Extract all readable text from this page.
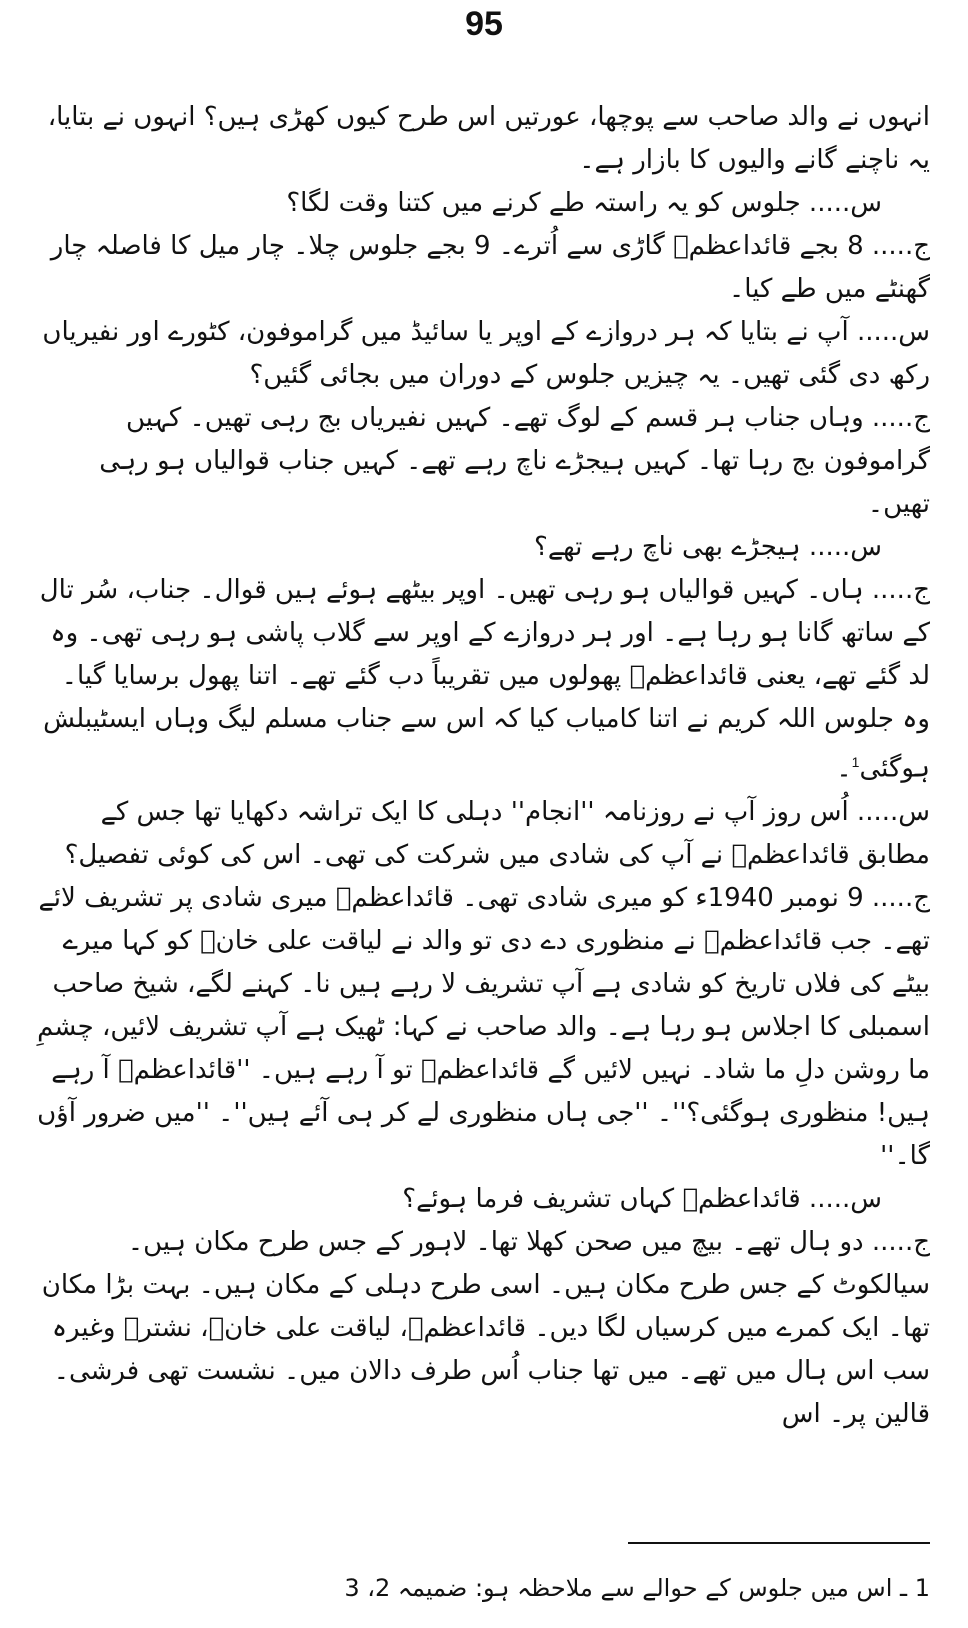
95

انہوں نے والد صاحب سے پوچھا، عورتیں اس طرح کیوں کھڑی ہیں؟ انہوں نے بتایا، یہ ناچنے گانے والیوں کا بازار ہے۔

س..... جلوس کو یہ راستہ طے کرنے میں کتنا وقت لگا؟

ج..... 8 بجے قائداعظمؒ گاڑی سے اُترے۔ 9 بجے جلوس چلا۔ چار میل کا فاصلہ چار گھنٹے میں طے کیا۔

س..... آپ نے بتایا کہ ہر دروازے کے اوپر یا سائیڈ میں گراموفون، کٹورے اور نفیریاں رکھ دی گئی تھیں۔ یہ چیزیں جلوس کے دوران میں بجائی گئیں؟

ج..... وہاں جناب ہر قسم کے لوگ تھے۔ کہیں نفیریاں بج رہی تھیں۔ کہیں گراموفون بج رہا تھا۔ کہیں ہیجڑے ناچ رہے تھے۔ کہیں جناب قوالیاں ہو رہی تھیں۔

س..... ہیجڑے بھی ناچ رہے تھے؟

ج..... ہاں۔ کہیں قوالیاں ہو رہی تھیں۔ اوپر بیٹھے ہوئے ہیں قوال۔ جناب، سُر تال کے ساتھ گانا ہو رہا ہے۔ اور ہر دروازے کے اوپر سے گلاب پاشی ہو رہی تھی۔ وہ لد گئے تھے، یعنی قائداعظمؒ پھولوں میں تقریباً دب گئے تھے۔ اتنا پھول برسایا گیا۔ وہ جلوس اللہ کریم نے اتنا کامیاب کیا کہ اس سے جناب مسلم لیگ وہاں ایسٹیبلش ہوگئی$^1$۔

س..... اُس روز آپ نے روزنامہ ''انجام'' دہلی کا ایک تراشہ دکھایا تھا جس کے مطابق قائداعظمؒ نے آپ کی شادی میں شرکت کی تھی۔ اس کی کوئی تفصیل؟

ج..... 9 نومبر 1940ء کو میری شادی تھی۔ قائداعظمؒ میری شادی پر تشریف لائے تھے۔ جب قائداعظمؒ نے منظوری دے دی تو والد نے لیاقت علی خانؒ کو کہا میرے بیٹے کی فلاں تاریخ کو شادی ہے آپ تشریف لا رہے ہیں نا۔ کہنے لگے، شیخ صاحب اسمبلی کا اجلاس ہو رہا ہے۔ والد صاحب نے کہا: ٹھیک ہے آپ تشریف لائیں، چشمِ ما روشن دلِ ما شاد۔ نہیں لائیں گے قائداعظمؒ تو آ رہے ہیں۔ ''قائداعظمؒ آ رہے ہیں! منظوری ہوگئی؟''۔ ''جی ہاں منظوری لے کر ہی آئے ہیں''۔ ''میں ضرور آؤں گا۔''

س..... قائداعظمؒ کہاں تشریف فرما ہوئے؟

ج..... دو ہال تھے۔ بیچ میں صحن کھلا تھا۔ لاہور کے جس طرح مکان ہیں۔ سیالکوٹ کے جس طرح مکان ہیں۔ اسی طرح دہلی کے مکان ہیں۔ بہت بڑا مکان تھا۔ ایک کمرے میں کرسیاں لگا دیں۔ قائداعظمؒ، لیاقت علی خانؒ، نشترؒ وغیرہ سب اس ہال میں تھے۔ میں تھا جناب اُس طرف دالان میں۔ نشست تھی فرشی۔ قالین پر۔ اس

1 ـ اس میں جلوس کے حوالے سے ملاحظہ ہو: ضمیمہ 2، 3
